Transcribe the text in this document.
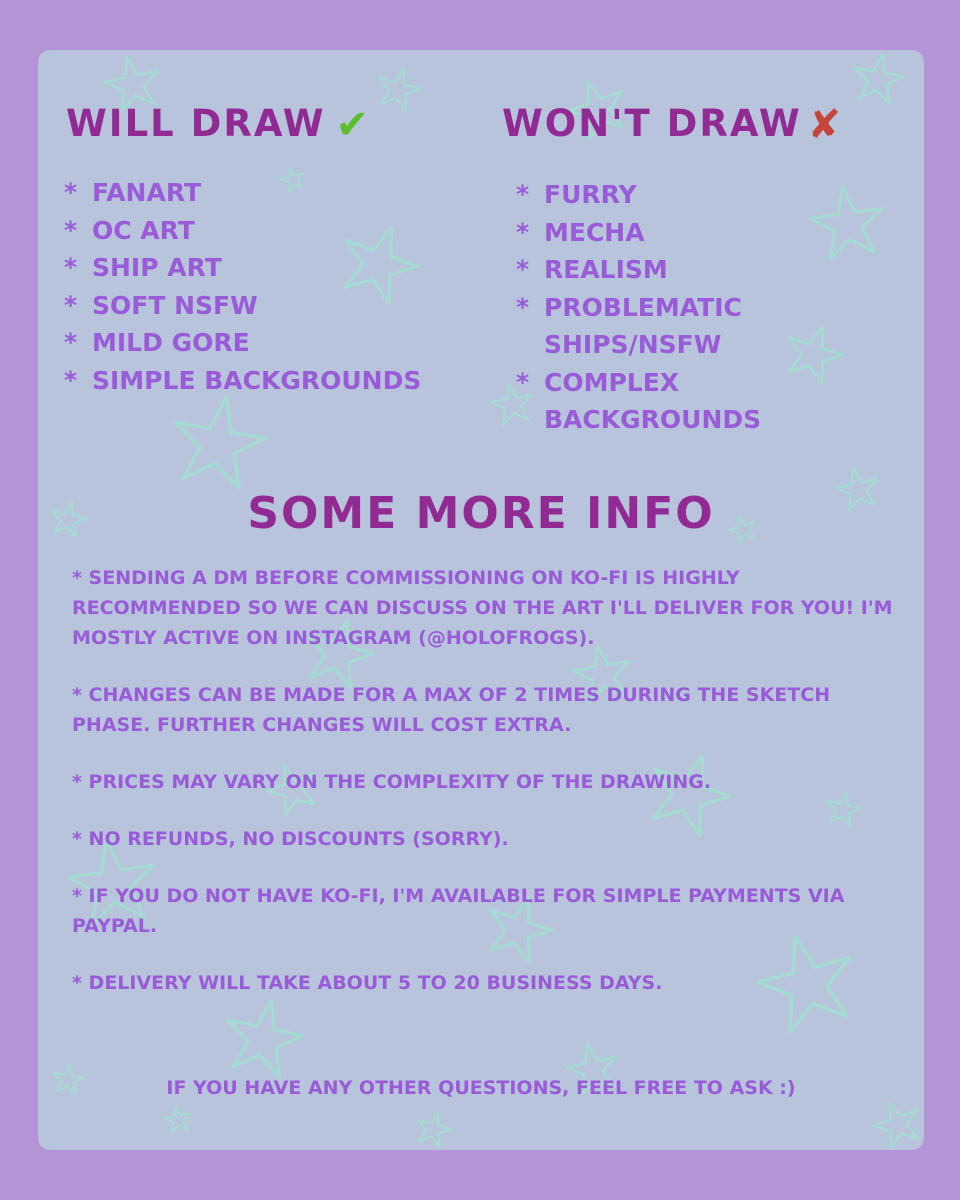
WILL DRAW ✔	WON'T DRAW ✘
* FANART
* OC ART
* SHIP ART
* SOFT NSFW
* MILD GORE
* SIMPLE BACKGROUNDS
* FURRY
* MECHA
* REALISM
* PROBLEMATIC SHIPS/NSFW
* COMPLEX BACKGROUNDS
SOME MORE INFO

* SENDING A DM BEFORE COMMISSIONING ON KO-FI IS HIGHLY RECOMMENDED SO WE CAN DISCUSS ON THE ART I'LL DELIVER FOR YOU! I'M MOSTLY ACTIVE ON INSTAGRAM (@HOLOFROGS).

* CHANGES CAN BE MADE FOR A MAX OF 2 TIMES DURING THE SKETCH PHASE. FURTHER CHANGES WILL COST EXTRA.

* PRICES MAY VARY ON THE COMPLEXITY OF THE DRAWING.

* NO REFUNDS, NO DISCOUNTS (SORRY).

* IF YOU DO NOT HAVE KO-FI, I'M AVAILABLE FOR SIMPLE PAYMENTS VIA PAYPAL.

* DELIVERY WILL TAKE ABOUT 5 TO 20 BUSINESS DAYS.

IF YOU HAVE ANY OTHER QUESTIONS, FEEL FREE TO ASK :)
